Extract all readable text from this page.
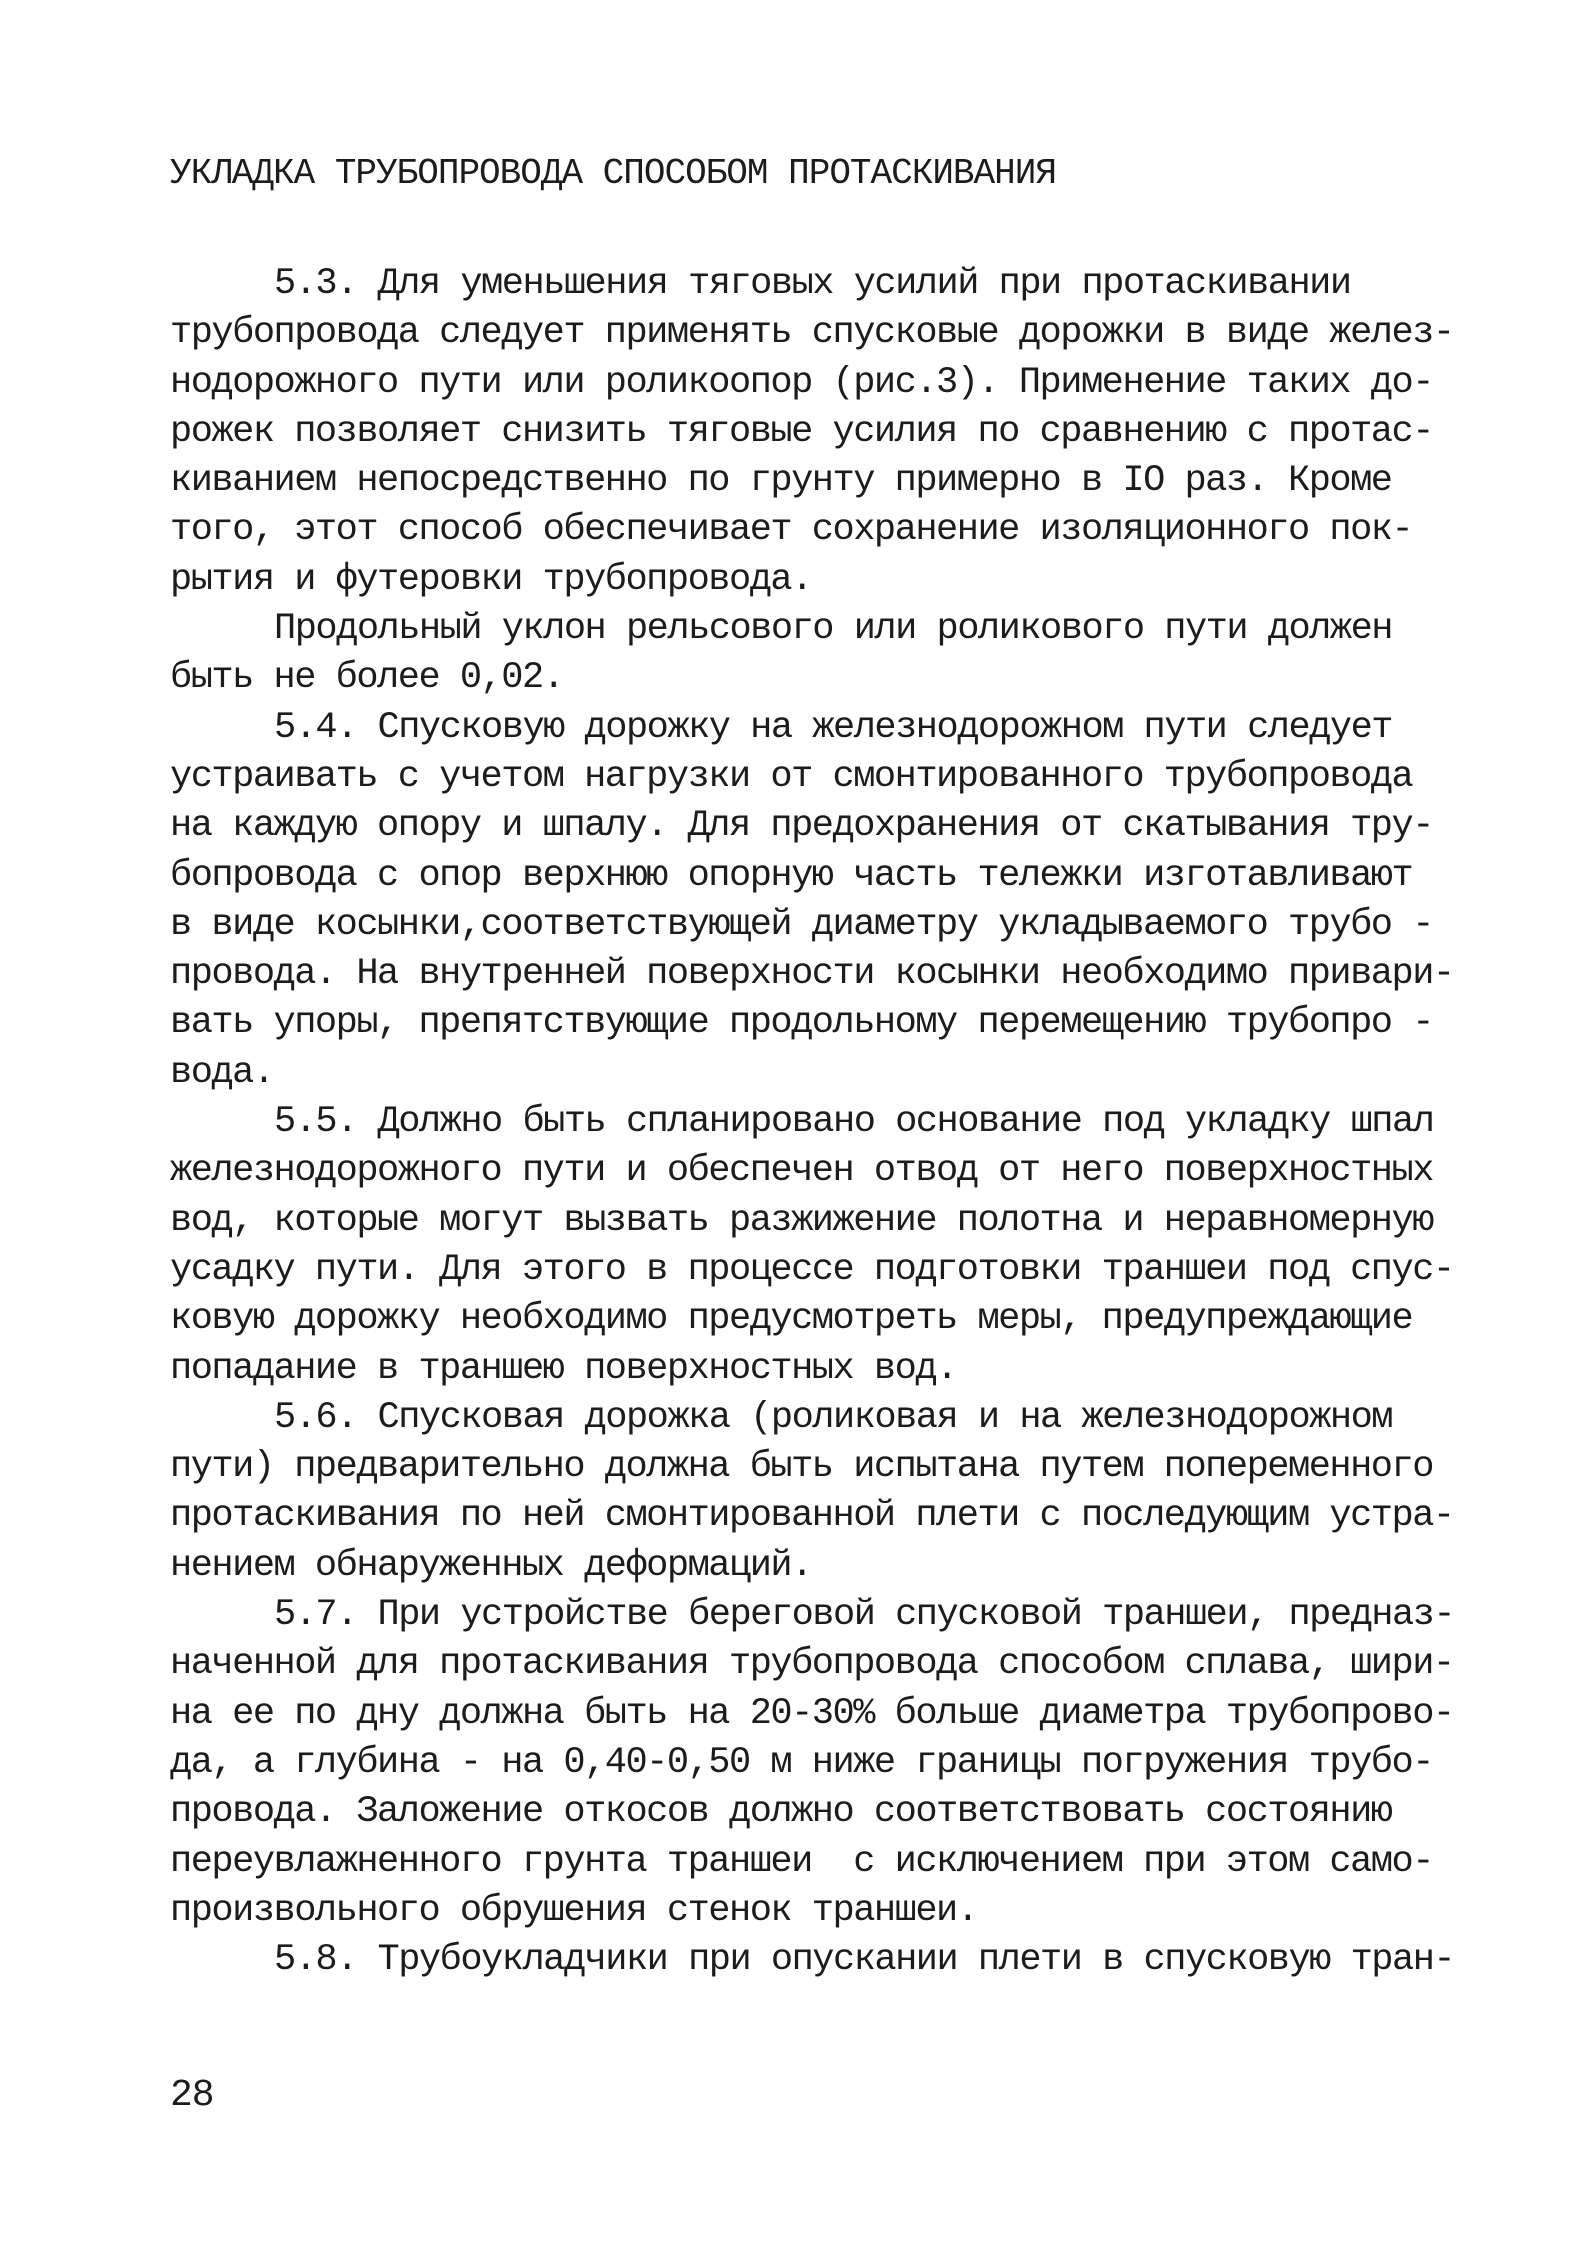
УКЛАДКА ТРУБОПРОВОДА СПОСОБОМ ПРОТАСКИВАНИЯ

5.3. Для уменьшения тяговых усилий при протаскивании
трубопровода следует применять спусковые дорожки в виде желез-
нодорожного пути или роликоопор (рис.3). Применение таких до-
рожек позволяет снизить тяговые усилия по сравнению с протас-
киванием непосредственно по грунту примерно в IO раз. Кроме
того, этот способ обеспечивает сохранение изоляционного пок-
рытия и футеровки трубопровода.

Продольный уклон рельсового или роликового пути должен
быть не более 0,02.

5.4. Спусковую дорожку на железнодорожном пути следует
устраивать с учетом нагрузки от смонтированного трубопровода
на каждую опору и шпалу. Для предохранения от скатывания тру-
бопровода с опор верхнюю опорную часть тележки изготавливают
в виде косынки,соответствующей диаметру укладываемого трубо -
провода. На внутренней поверхности косынки необходимо привари-
вать упоры, препятствующие продольному перемещению трубопро -
вода.

5.5. Должно быть спланировано основание под укладку шпал
железнодорожного пути и обеспечен отвод от него поверхностных
вод, которые могут вызвать разжижение полотна и неравномерную
усадку пути. Для этого в процессе подготовки траншеи под спус-
ковую дорожку необходимо предусмотреть меры, предупреждающие
попадание в траншею поверхностных вод.

5.6. Спусковая дорожка (роликовая и на железнодорожном
пути) предварительно должна быть испытана путем попеременного
протаскивания по ней смонтированной плети с последующим устра-
нением обнаруженных деформаций.

5.7. При устройстве береговой спусковой траншеи, предназ-
наченной для протаскивания трубопровода способом сплава, шири-
на ее по дну должна быть на 20-30% больше диаметра трубопрово-
да, а глубина - на 0,40-0,50 м ниже границы погружения трубо-
провода. Заложение откосов должно соответствовать состоянию
переувлажненного грунта траншеи  с исключением при этом само-
произвольного обрушения стенок траншеи.

5.8. Трубоукладчики при опускании плети в спусковую тран-

28
